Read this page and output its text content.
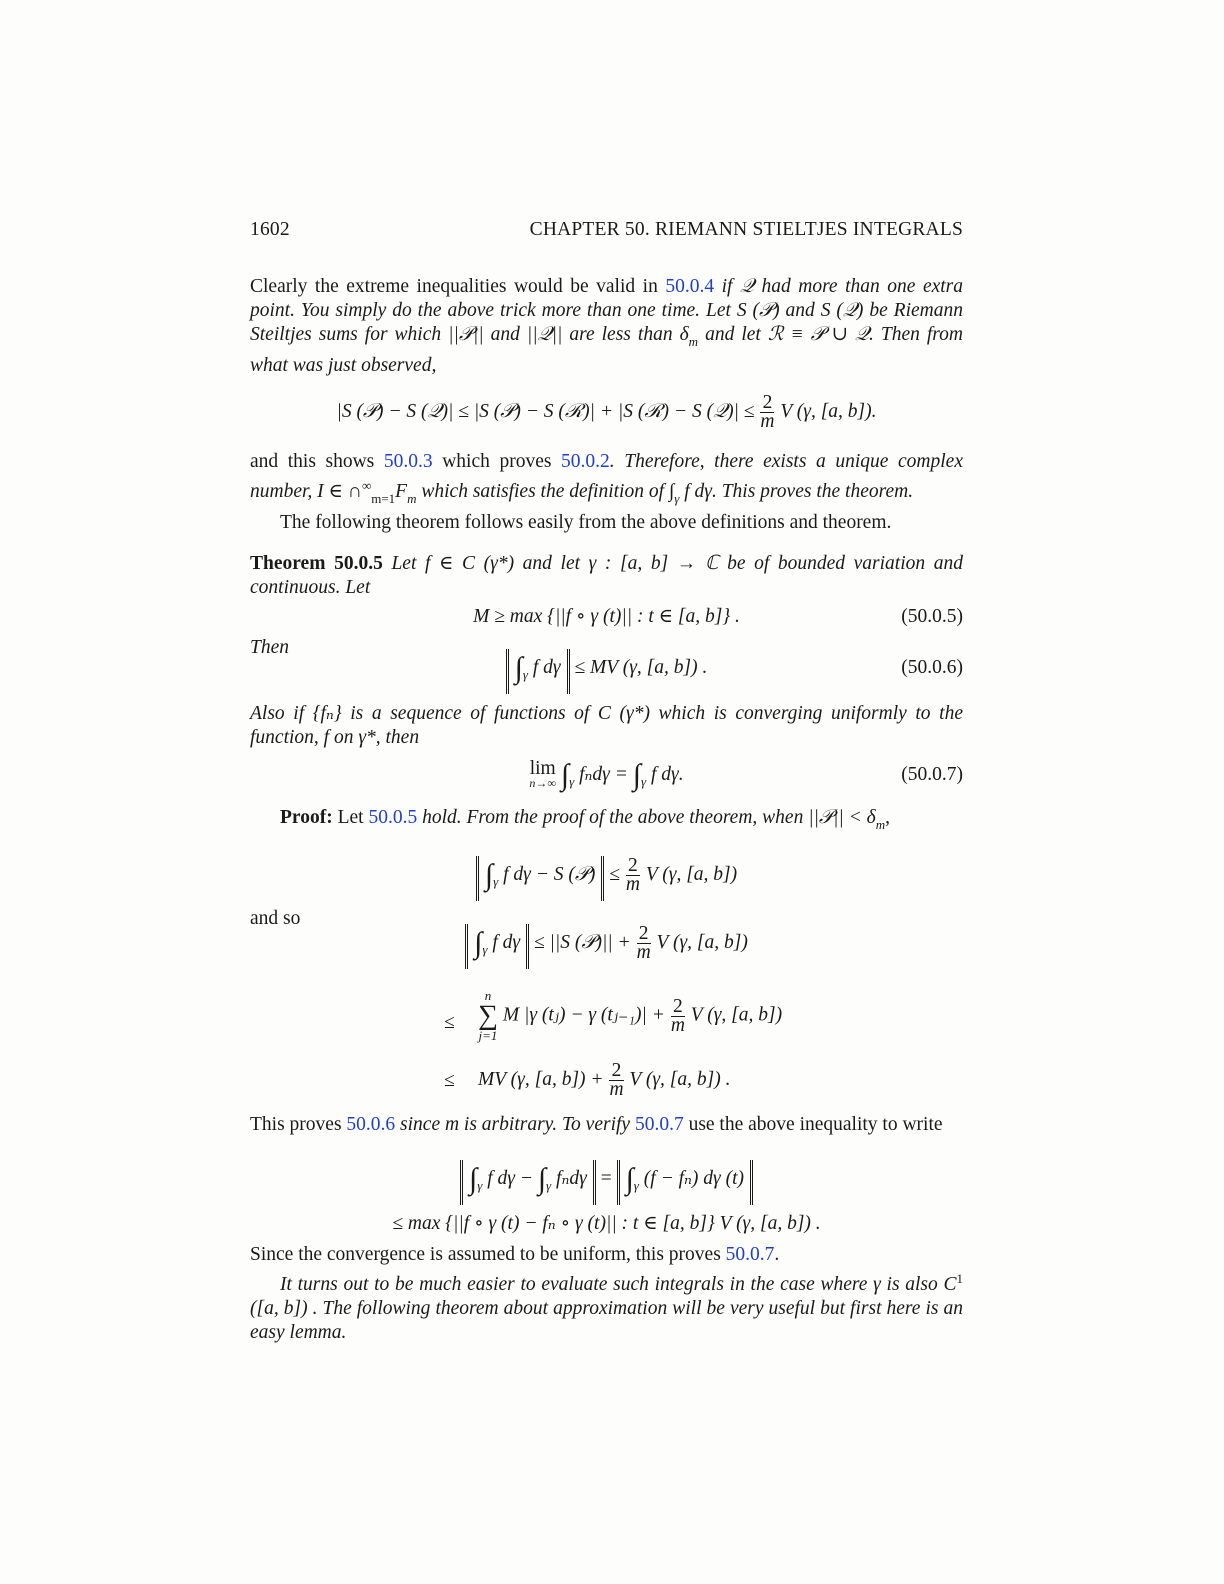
1602	CHAPTER 50. RIEMANN STIELTJES INTEGRALS

Clearly the extreme inequalities would be valid in 50.0.4 if 𝒬 had more than one extra point. You simply do the above trick more than one time. Let S (𝒫) and S (𝒬) be Riemann Steiltjes sums for which ||𝒫|| and ||𝒬|| are less than $\delta_m$ and let ℛ ≡ 𝒫 ∪ 𝒬. Then from what was just observed,

|S (𝒫) − S (𝒬)| ≤ |S (𝒫) − S (ℛ)| + |S (ℛ) − S (𝒬)| ≤ $\frac{2}{m}$ V (γ, [a, b]).

and this shows 50.0.3 which proves 50.0.2. Therefore, there exists a unique complex number, I ∈ $\cap^\infty_{m=1}F_m$ which satisfies the definition of $\int_\gamma$ f dγ. This proves the theorem.

The following theorem follows easily from the above definitions and theorem.

Theorem 50.0.5 Let f ∈ C (γ*) and let γ : [a, b] → ℂ be of bounded variation and continuous. Let

M ≥ max {||f ∘ γ (t)|| : t ∈ [a, b]} .	(50.0.5)

Then

$\int_\gamma$ f dγ ≤ MV (γ, [a, b]) .	(50.0.6)

Also if {fₙ} is a sequence of functions of C (γ*) which is converging uniformly to the function, f on γ*, then

lim
n→∞ $\int_\gamma$ $f_nd\gamma = \int_\gamma$ f dγ.	(50.0.7)

Proof: Let 50.0.5 hold. From the proof of the above theorem, when ||𝒫|| < $\delta_m$,

$\int_\gamma$ f dγ − S (𝒫) ≤ $\frac{2}{m}$ V (γ, [a, b])

and so

$\int_\gamma$ f dγ ≤ ||S (𝒫)|| + $\frac{2}{m}$ V (γ, [a, b])
≤
n
∑
j=1
M |γ (tⱼ) − γ (tⱼ₋₁)| + $\frac{2}{m}$ V (γ, [a, b])
≤ MV (γ, [a, $b]) + \frac{2}{m}$ V (γ, [a, b]) .

This proves 50.0.6 since m is arbitrary. To verify 50.0.7 use the above inequality to write

$\int_\gamma$ f $d\gamma - \int_\gamma$ $f_nd\gamma = \int_\gamma$ (f − fₙ) dγ (t)
≤ max {||f ∘ γ (t) − fₙ ∘ γ (t)|| : t ∈ [a, b]} V (γ, [a, b]) .

Since the convergence is assumed to be uniform, this proves 50.0.7.

It turns out to be much easier to evaluate such integrals in the case where γ is also $C^1$ ([a, b]) . The following theorem about approximation will be very useful but first here is an easy lemma.
